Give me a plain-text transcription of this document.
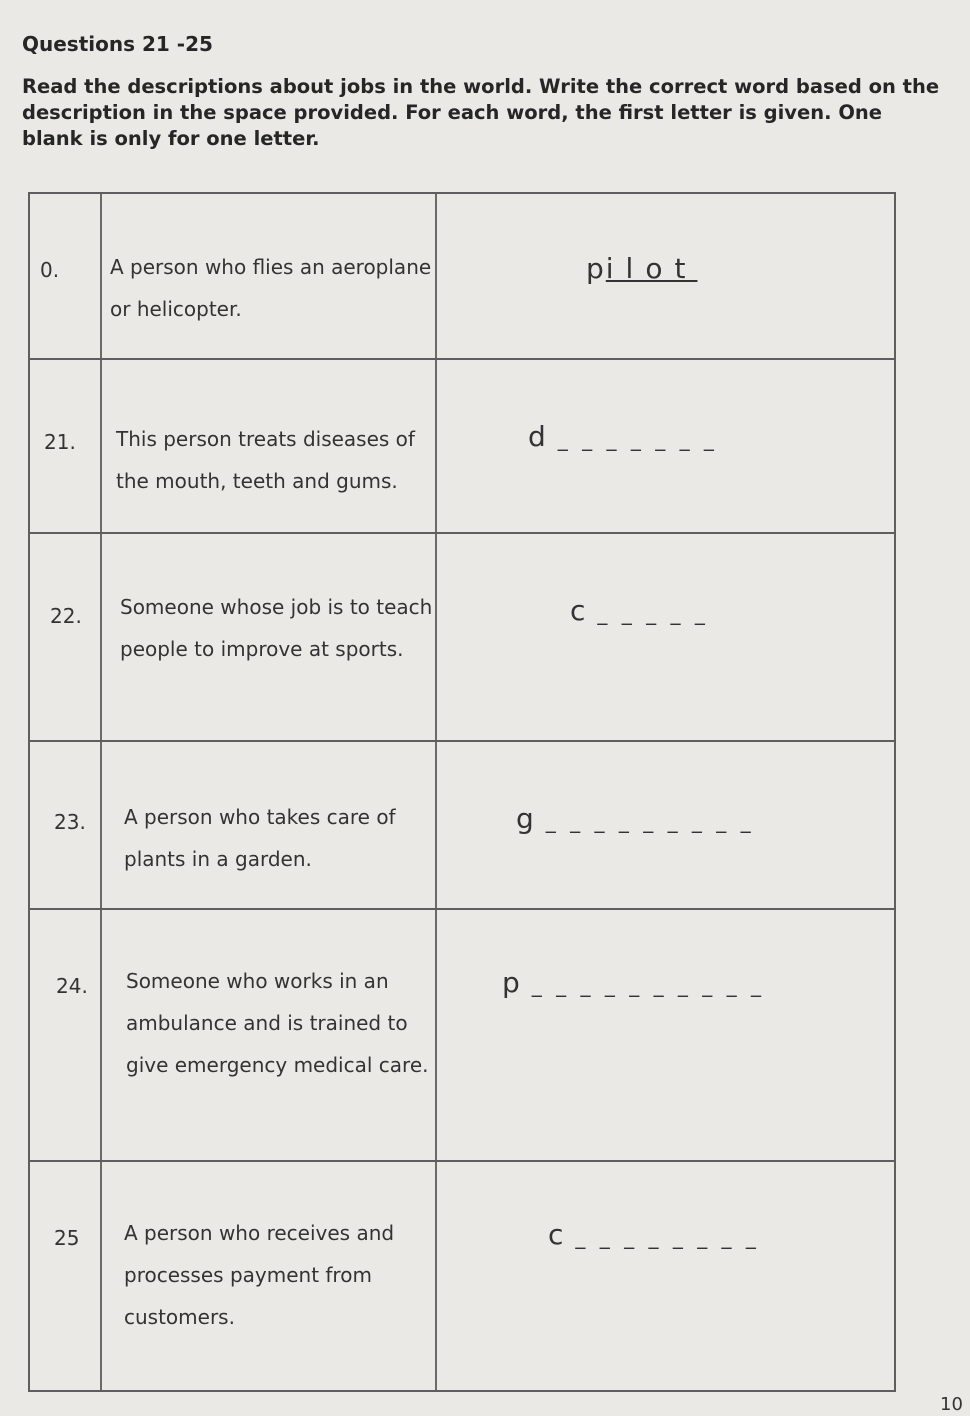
Questions 21 -25
Read the descriptions about jobs in the world. Write the correct word based on the description in the space provided. For each word, the first letter is given. One blank is only for one letter.
0.	A person who flies an aeroplane or helicopter.
pilot
21. This person treats diseases of the mouth, teeth and gums.
d _ _ _ _ _ _ _
22. Someone whose job is to teach people to improve at sports.
c _ _ _ _ _
23. A person who takes care of plants in a garden.
g _ _ _ _ _ _ _ _ _
24. Someone who works in an ambulance and is trained to give emergency medical care.
p _ _ _ _ _ _ _ _ _ _
25 A person who receives and processes payment from customers.
c _ _ _ _ _ _ _ _
10
